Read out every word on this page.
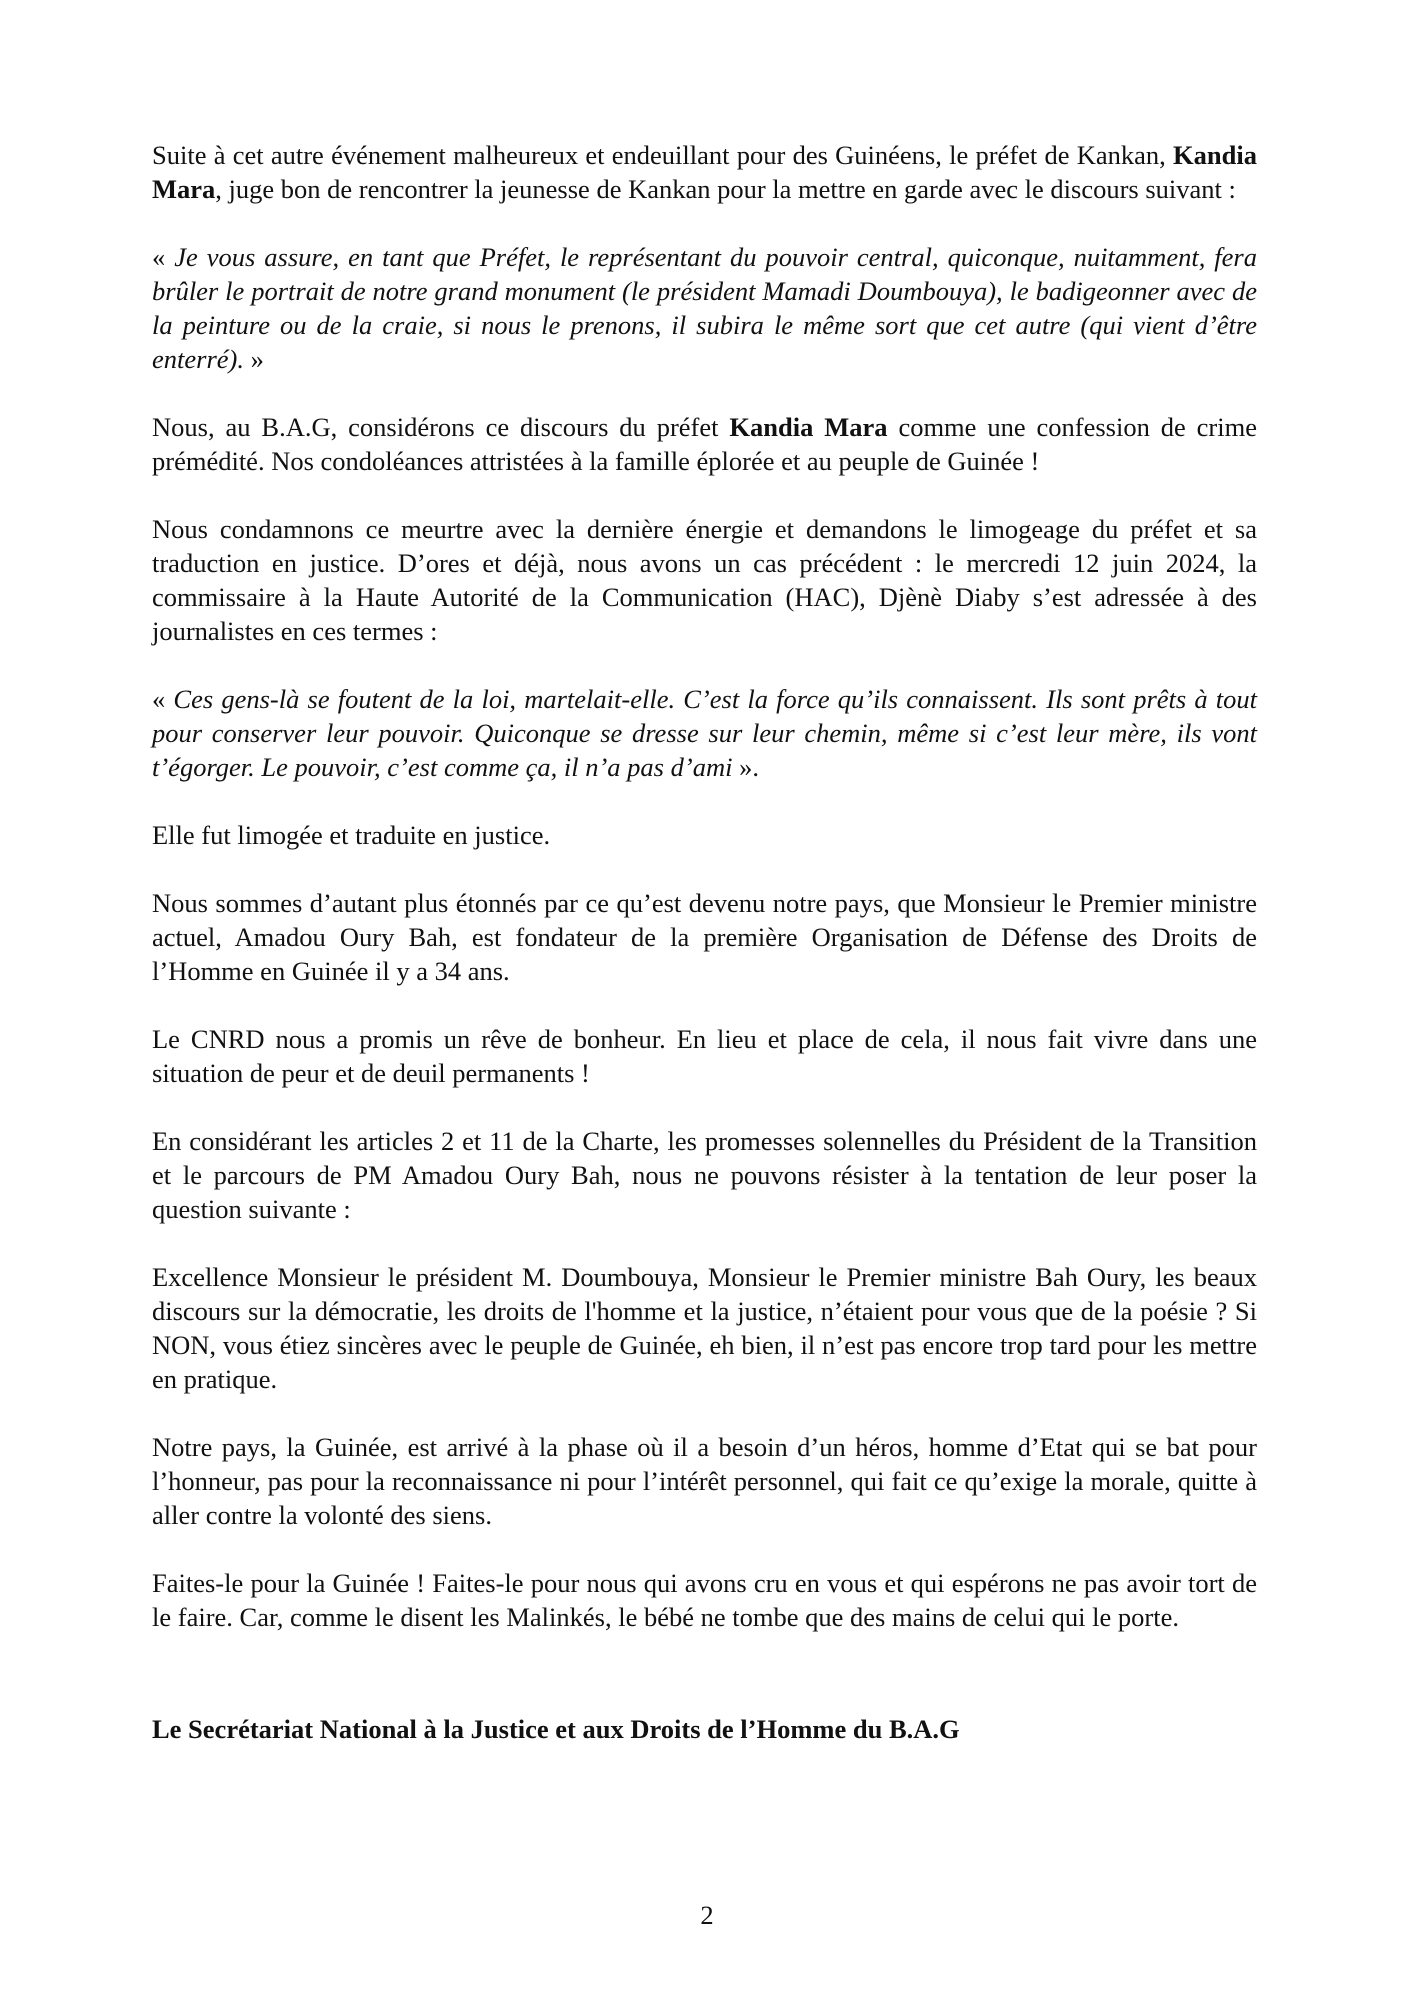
Suite à cet autre événement malheureux et endeuillant pour des Guinéens, le préfet de Kankan, Kandia Mara, juge bon de rencontrer la jeunesse de Kankan pour la mettre en garde avec le discours suivant :

« Je vous assure, en tant que Préfet, le représentant du pouvoir central, quiconque, nuitamment, fera brûler le portrait de notre grand monument (le président Mamadi Doumbouya), le badigeonner avec de la peinture ou de la craie, si nous le prenons, il subira le même sort que cet autre (qui vient d’être enterré). »

Nous, au B.A.G, considérons ce discours du préfet Kandia Mara comme une confession de crime prémédité. Nos condoléances attristées à la famille éplorée et au peuple de Guinée !

Nous condamnons ce meurtre avec la dernière énergie et demandons le limogeage du préfet et sa traduction en justice. D’ores et déjà, nous avons un cas précédent : le mercredi 12 juin 2024, la commissaire à la Haute Autorité de la Communication (HAC), Djènè Diaby s’est adressée à des journalistes en ces termes :

« Ces gens-là se foutent de la loi, martelait-elle. C’est la force qu’ils connaissent. Ils sont prêts à tout pour conserver leur pouvoir. Quiconque se dresse sur leur chemin, même si c’est leur mère, ils vont t’égorger. Le pouvoir, c’est comme ça, il n’a pas d’ami ».

Elle fut limogée et traduite en justice.

Nous sommes d’autant plus étonnés par ce qu’est devenu notre pays, que Monsieur le Premier ministre actuel, Amadou Oury Bah, est fondateur de la première Organisation de Défense des Droits de l’Homme en Guinée il y a 34 ans.

Le CNRD nous a promis un rêve de bonheur. En lieu et place de cela, il nous fait vivre dans une situation de peur et de deuil permanents !

En considérant les articles 2 et 11 de la Charte, les promesses solennelles du Président de la Transition et le parcours de PM Amadou Oury Bah, nous ne pouvons résister à la tentation de leur poser la question suivante :

Excellence Monsieur le président M. Doumbouya, Monsieur le Premier ministre Bah Oury, les beaux discours sur la démocratie, les droits de l'homme et la justice, n’étaient pour vous que de la poésie ? Si NON, vous étiez sincères avec le peuple de Guinée, eh bien, il n’est pas encore trop tard pour les mettre en pratique.

Notre pays, la Guinée, est arrivé à la phase où il a besoin d’un héros, homme d’Etat qui se bat pour l’honneur, pas pour la reconnaissance ni pour l’intérêt personnel, qui fait ce qu’exige la morale, quitte à aller contre la volonté des siens.

Faites-le pour la Guinée ! Faites-le pour nous qui avons cru en vous et qui espérons ne pas avoir tort de le faire. Car, comme le disent les Malinkés, le bébé ne tombe que des mains de celui qui le porte.

Le Secrétariat National à la Justice et aux Droits de l’Homme du B.A.G

2
